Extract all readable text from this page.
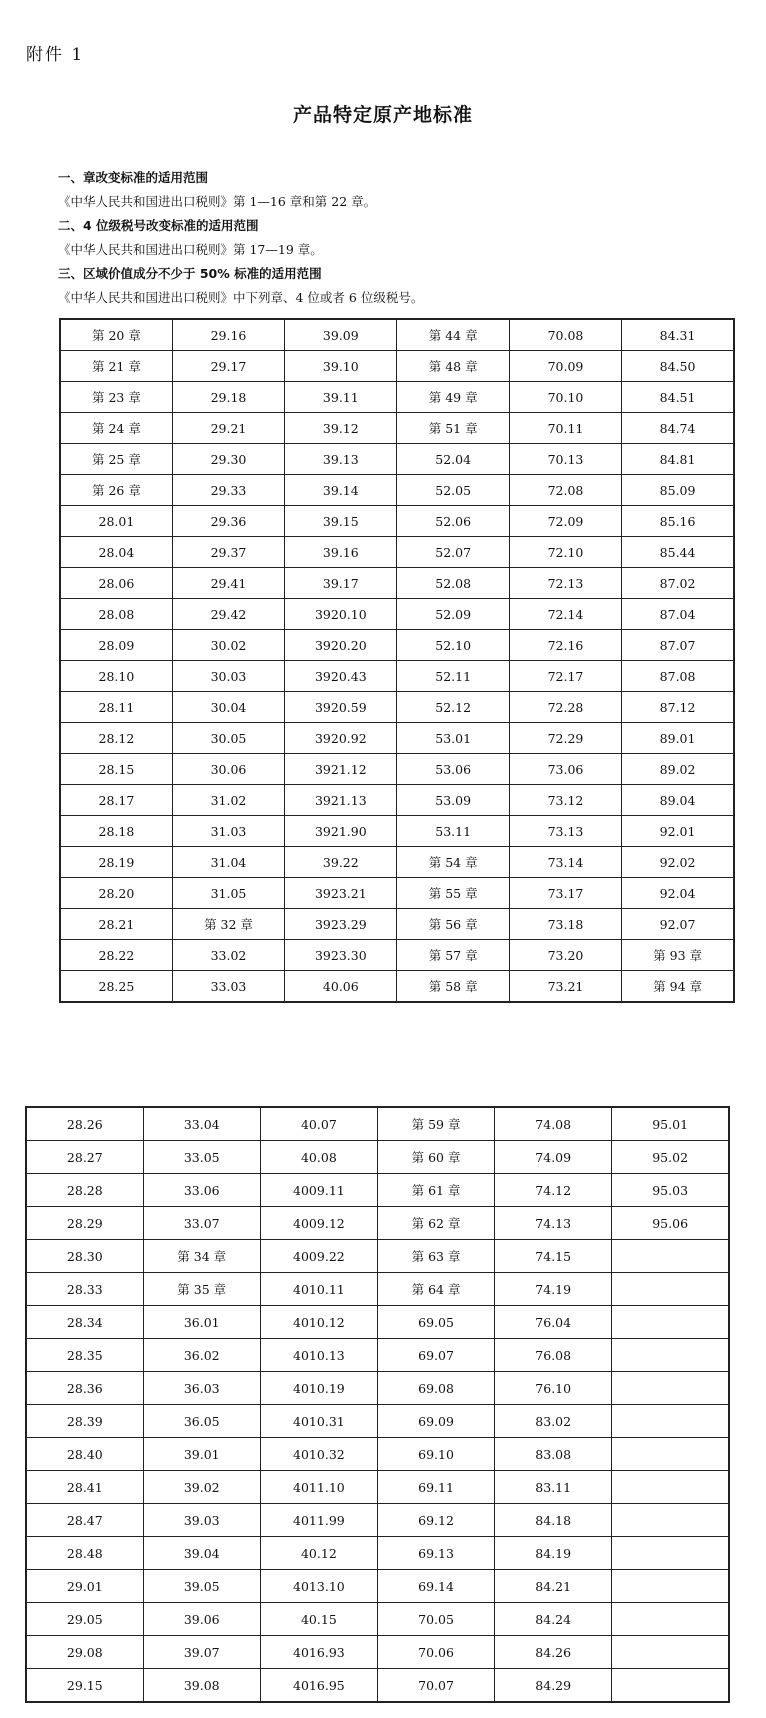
附件 1
产品特定原产地标准
一、章改变标准的适用范围
《中华人民共和国进出口税则》第 1—16 章和第 22 章。
二、4 位级税号改变标准的适用范围
《中华人民共和国进出口税则》第 17—19 章。
三、区域价值成分不少于 50% 标准的适用范围
《中华人民共和国进出口税则》中下列章、4 位或者 6 位级税号。
第 20 章	29.16	39.09	第 44 章	70.08	84.31
第 21 章	29.17	39.10	第 48 章	70.09	84.50
第 23 章	29.18	39.11	第 49 章	70.10	84.51
第 24 章	29.21	39.12	第 51 章	70.11	84.74
第 25 章	29.30	39.13	52.04	70.13	84.81
第 26 章	29.33	39.14	52.05	72.08	85.09
28.01	29.36	39.15	52.06	72.09	85.16
28.04	29.37	39.16	52.07	72.10	85.44
28.06	29.41	39.17	52.08	72.13	87.02
28.08	29.42	3920.10	52.09	72.14	87.04
28.09	30.02	3920.20	52.10	72.16	87.07
28.10	30.03	3920.43	52.11	72.17	87.08
28.11	30.04	3920.59	52.12	72.28	87.12
28.12	30.05	3920.92	53.01	72.29	89.01
28.15	30.06	3921.12	53.06	73.06	89.02
28.17	31.02	3921.13	53.09	73.12	89.04
28.18	31.03	3921.90	53.11	73.13	92.01
28.19	31.04	39.22	第 54 章	73.14	92.02
28.20	31.05	3923.21	第 55 章	73.17	92.04
28.21	第 32 章	3923.29	第 56 章	73.18	92.07
28.22	33.02	3923.30	第 57 章	73.20	第 93 章
28.25	33.03	40.06	第 58 章	73.21	第 94 章
28.26	33.04	40.07	第 59 章	74.08	95.01
28.27	33.05	40.08	第 60 章	74.09	95.02
28.28	33.06	4009.11	第 61 章	74.12	95.03
28.29	33.07	4009.12	第 62 章	74.13	95.06
28.30	第 34 章	4009.22	第 63 章	74.15	
28.33	第 35 章	4010.11	第 64 章	74.19	
28.34	36.01	4010.12	69.05	76.04	
28.35	36.02	4010.13	69.07	76.08	
28.36	36.03	4010.19	69.08	76.10	
28.39	36.05	4010.31	69.09	83.02	
28.40	39.01	4010.32	69.10	83.08	
28.41	39.02	4011.10	69.11	83.11	
28.47	39.03	4011.99	69.12	84.18	
28.48	39.04	40.12	69.13	84.19	
29.01	39.05	4013.10	69.14	84.21	
29.05	39.06	40.15	70.05	84.24	
29.08	39.07	4016.93	70.06	84.26	
29.15	39.08	4016.95	70.07	84.29	
